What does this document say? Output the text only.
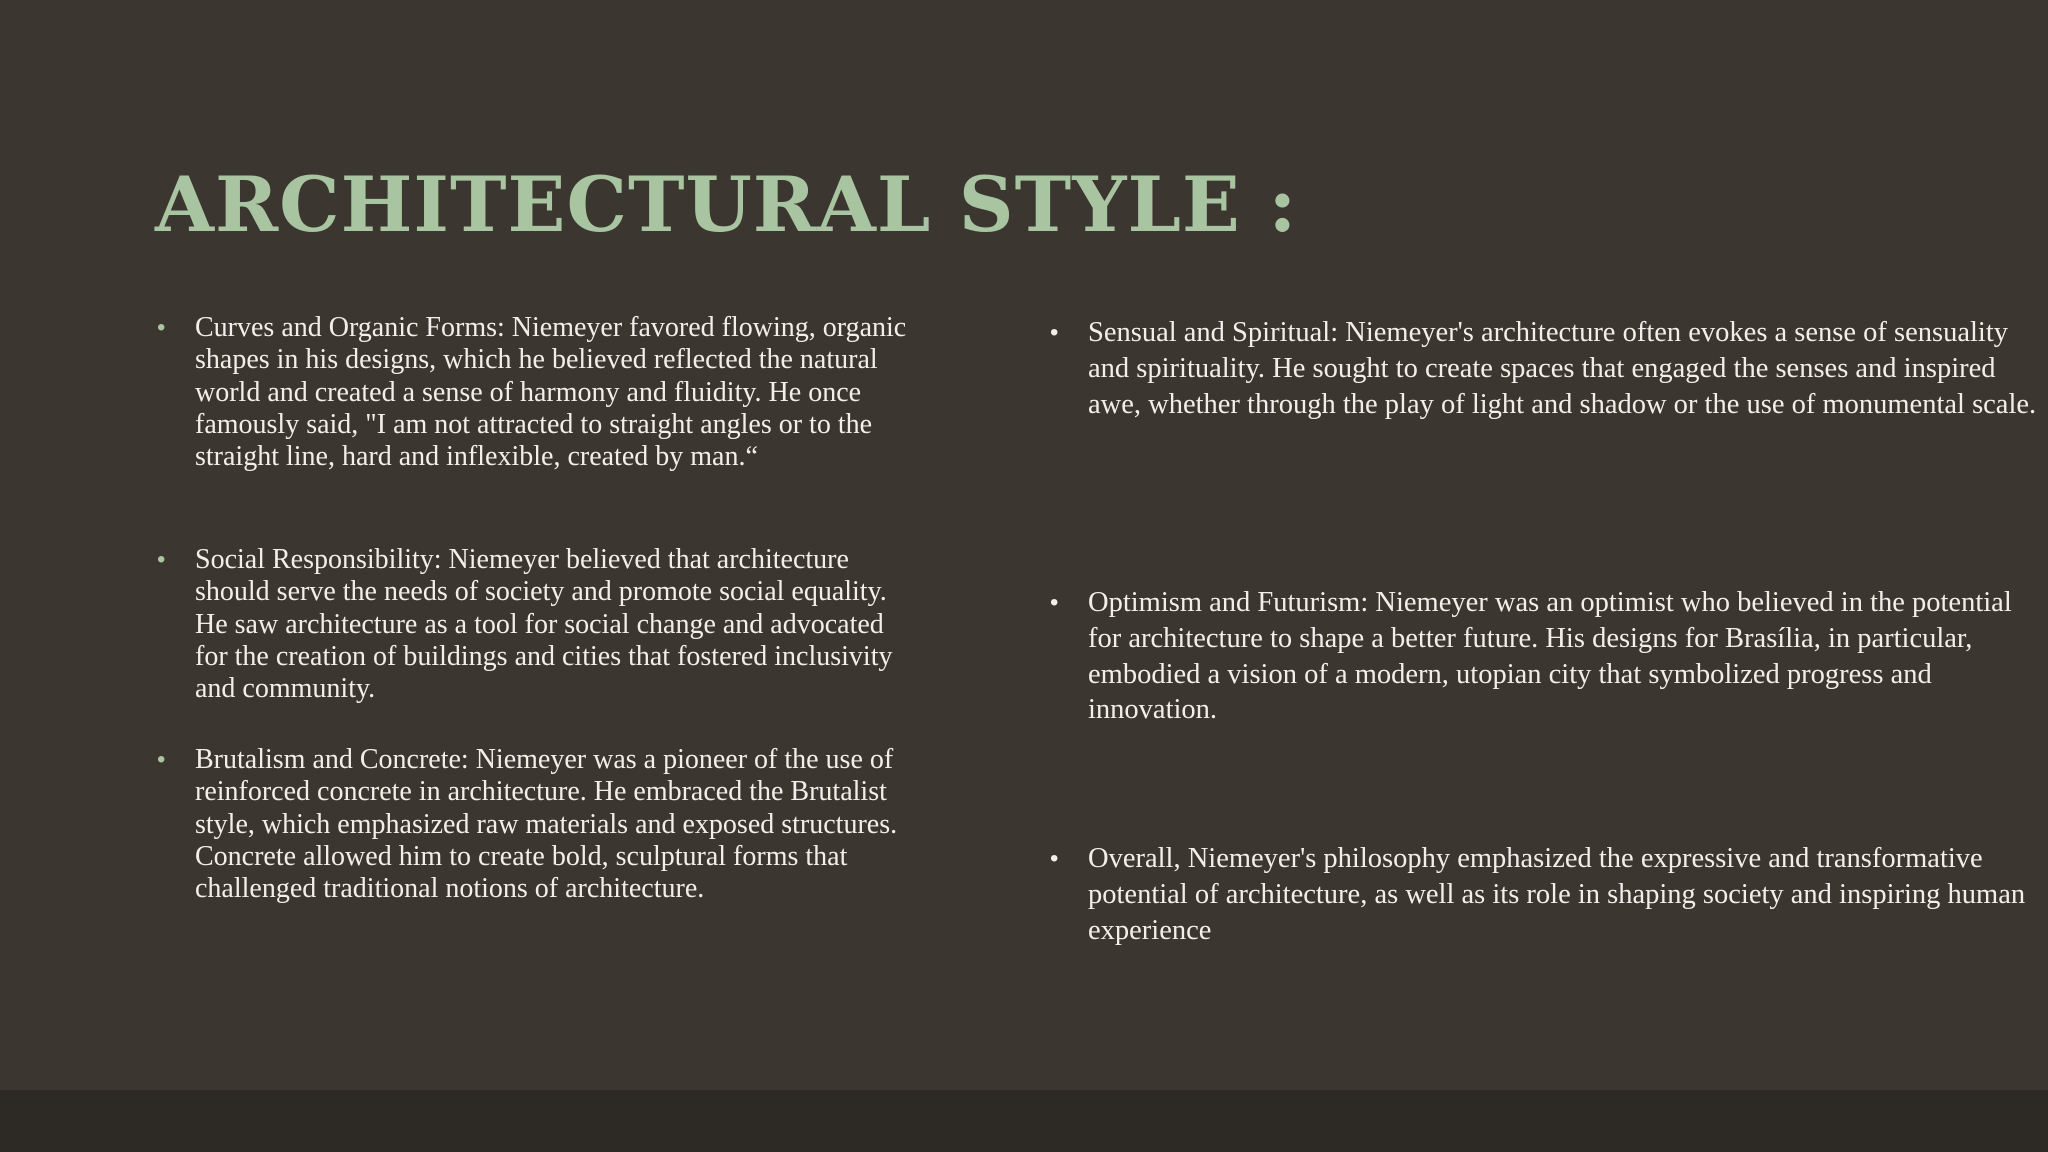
ARCHITECTURAL STYLE :
• Curves and Organic Forms: Niemeyer favored flowing, organic shapes in his designs, which he believed reflected the natural world and created a sense of harmony and fluidity. He once famously said, "I am not attracted to straight angles or to the straight line, hard and inflexible, created by man.“
• Social Responsibility: Niemeyer believed that architecture should serve the needs of society and promote social equality. He saw architecture as a tool for social change and advocated for the creation of buildings and cities that fostered inclusivity and community.
• Brutalism and Concrete: Niemeyer was a pioneer of the use of reinforced concrete in architecture. He embraced the Brutalist style, which emphasized raw materials and exposed structures. Concrete allowed him to create bold, sculptural forms that challenged traditional notions of architecture.
• Sensual and Spiritual: Niemeyer's architecture often evokes a sense of sensuality and spirituality. He sought to create spaces that engaged the senses and inspired awe, whether through the play of light and shadow or the use of monumental scale.
• Optimism and Futurism: Niemeyer was an optimist who believed in the potential for architecture to shape a better future. His designs for Brasília, in particular, embodied a vision of a modern, utopian city that symbolized progress and innovation.
• Overall, Niemeyer's philosophy emphasized the expressive and transformative potential of architecture, as well as its role in shaping society and inspiring human experience
